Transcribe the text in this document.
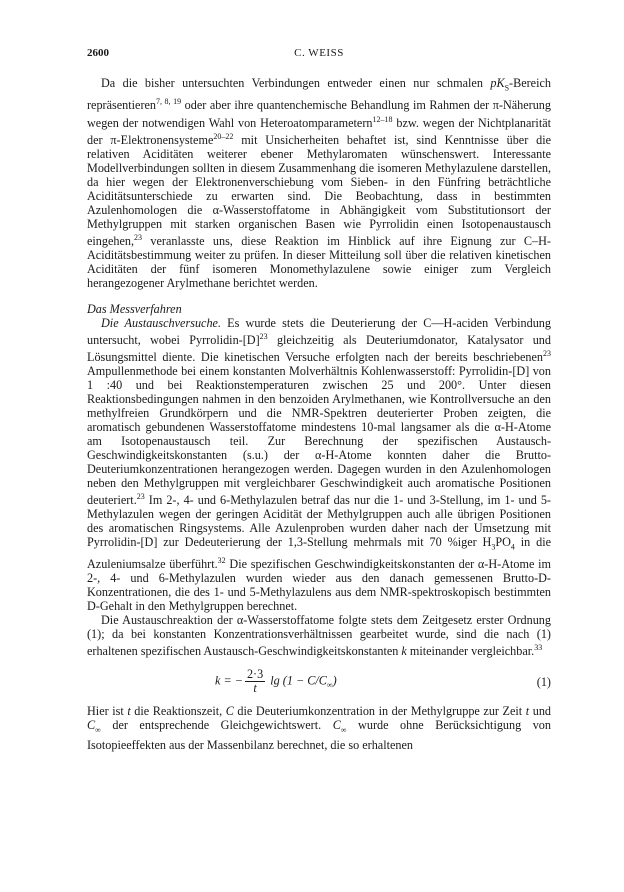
2600	C. WEISS

Da die bisher untersuchten Verbindungen entweder einen nur schmalen $pK_S$-Bereich repräsentieren$^{7, 8, 19}$ oder aber ihre quantenchemische Behandlung im Rahmen der π-Näherung wegen der notwendigen Wahl von Heteroatomparametern$^{12-18}$ bzw. wegen der Nichtplanarität der π-Elektronensysteme$^{20-22}$ mit Unsicherheiten behaftet ist, sind Kenntnisse über die relativen Aciditäten weiterer ebener Methylaromaten wünschenswert. Interessante Modellverbindungen sollten in diesem Zusammenhang die isomeren Methylazulene darstellen, da hier wegen der Elektronenverschiebung vom Sieben- in den Fünfring beträchtliche Aciditätsunterschiede zu erwarten sind. Die Beobachtung, dass in bestimmten Azulenhomologen die α-Wasserstoffatome in Abhängigkeit vom Substitutionsort der Methylgruppen mit starken organischen Basen wie Pyrrolidin einen Isotopenaustausch eingehen,$^{23}$ veranlasste uns, diese Reaktion im Hinblick auf ihre Eignung zur C–H-Aciditätsbestimmung weiter zu prüfen. In dieser Mitteilung soll über die relativen kinetischen Aciditäten der fünf isomeren Monomethylazulene sowie einiger zum Vergleich herangezogener Arylmethane berichtet werden.

Das Messverfahren

Die Austauschversuche. Es wurde stets die Deuterierung der C—H-aciden Verbindung untersucht, wobei Pyrrolidin-$[D]^{23}$ gleichzeitig als Deuteriumdonator, Katalysator und Lösungsmittel diente. Die kinetischen Versuche erfolgten nach der bereits beschriebenen$^{23}$ Ampullenmethode bei einem konstanten Molverhältnis Kohlenwasserstoff: Pyrrolidin-[D] von 1 :40 und bei Reaktionstemperaturen zwischen 25 und 200°. Unter diesen Reaktionsbedingungen nahmen in den benzoiden Arylmethanen, wie Kontrollversuche an den methylfreien Grundkörpern und die NMR-Spektren deuterierter Proben zeigten, die aromatisch gebundenen Wasserstoffatome mindestens 10-mal langsamer als die α-H-Atome am Isotopenaustausch teil. Zur Berechnung der spezifischen Austausch-Geschwindigkeitskonstanten (s.u.) der α-H-Atome konnten daher die Brutto-Deuteriumkonzentrationen herangezogen werden. Dagegen wurden in den Azulenhomologen neben den Methylgruppen mit vergleichbarer Geschwindigkeit auch aromatische Positionen deuteriert.$^{23}$ Im 2-, 4- und 6-Methylazulen betraf das nur die 1- und 3-Stellung, im 1- und 5-Methylazulen wegen der geringen Acidität der Methylgruppen auch alle übrigen Positionen des aromatischen Ringsystems. Alle Azulenproben wurden daher nach der Umsetzung mit Pyrrolidin-[D] zur Dedeuterierung der 1,3-Stellung mehrmals mit 70 %iger $H_3PO_4$ in die Azuleniumsalze überführt.$^{32}$ Die spezifischen Geschwindigkeitskonstanten der α-H-Atome im 2-, 4- und 6-Methylazulen wurden wieder aus den danach gemessenen Brutto-D-Konzentrationen, die des 1- und 5-Methylazulens aus dem NMR-spektroskopisch bestimmten D-Gehalt in den Methylgruppen berechnet.

Die Austauschreaktion der α-Wasserstoffatome folgte stets dem Zeitgesetz erster Ordnung (1); da bei konstanten Konzentrationsverhältnissen gearbeitet wurde, sind die nach (1) erhaltenen spezifischen Austausch-Geschwindigkeitskonstanten k miteinander vergleichbar.$^{33}$

k = − $\frac{2\cdot 3}{t}$ $\lg (1 - C/C_\infty)$	(1)

Hier ist t die Reaktionszeit, C die Deuteriumkonzentration in der Methylgruppe zur Zeit t und $C_\infty$ der entsprechende Gleichgewichtswert. $C_\infty$ wurde ohne Berücksichtigung von Isotopieeffekten aus der Massenbilanz berechnet, die so erhaltenen
